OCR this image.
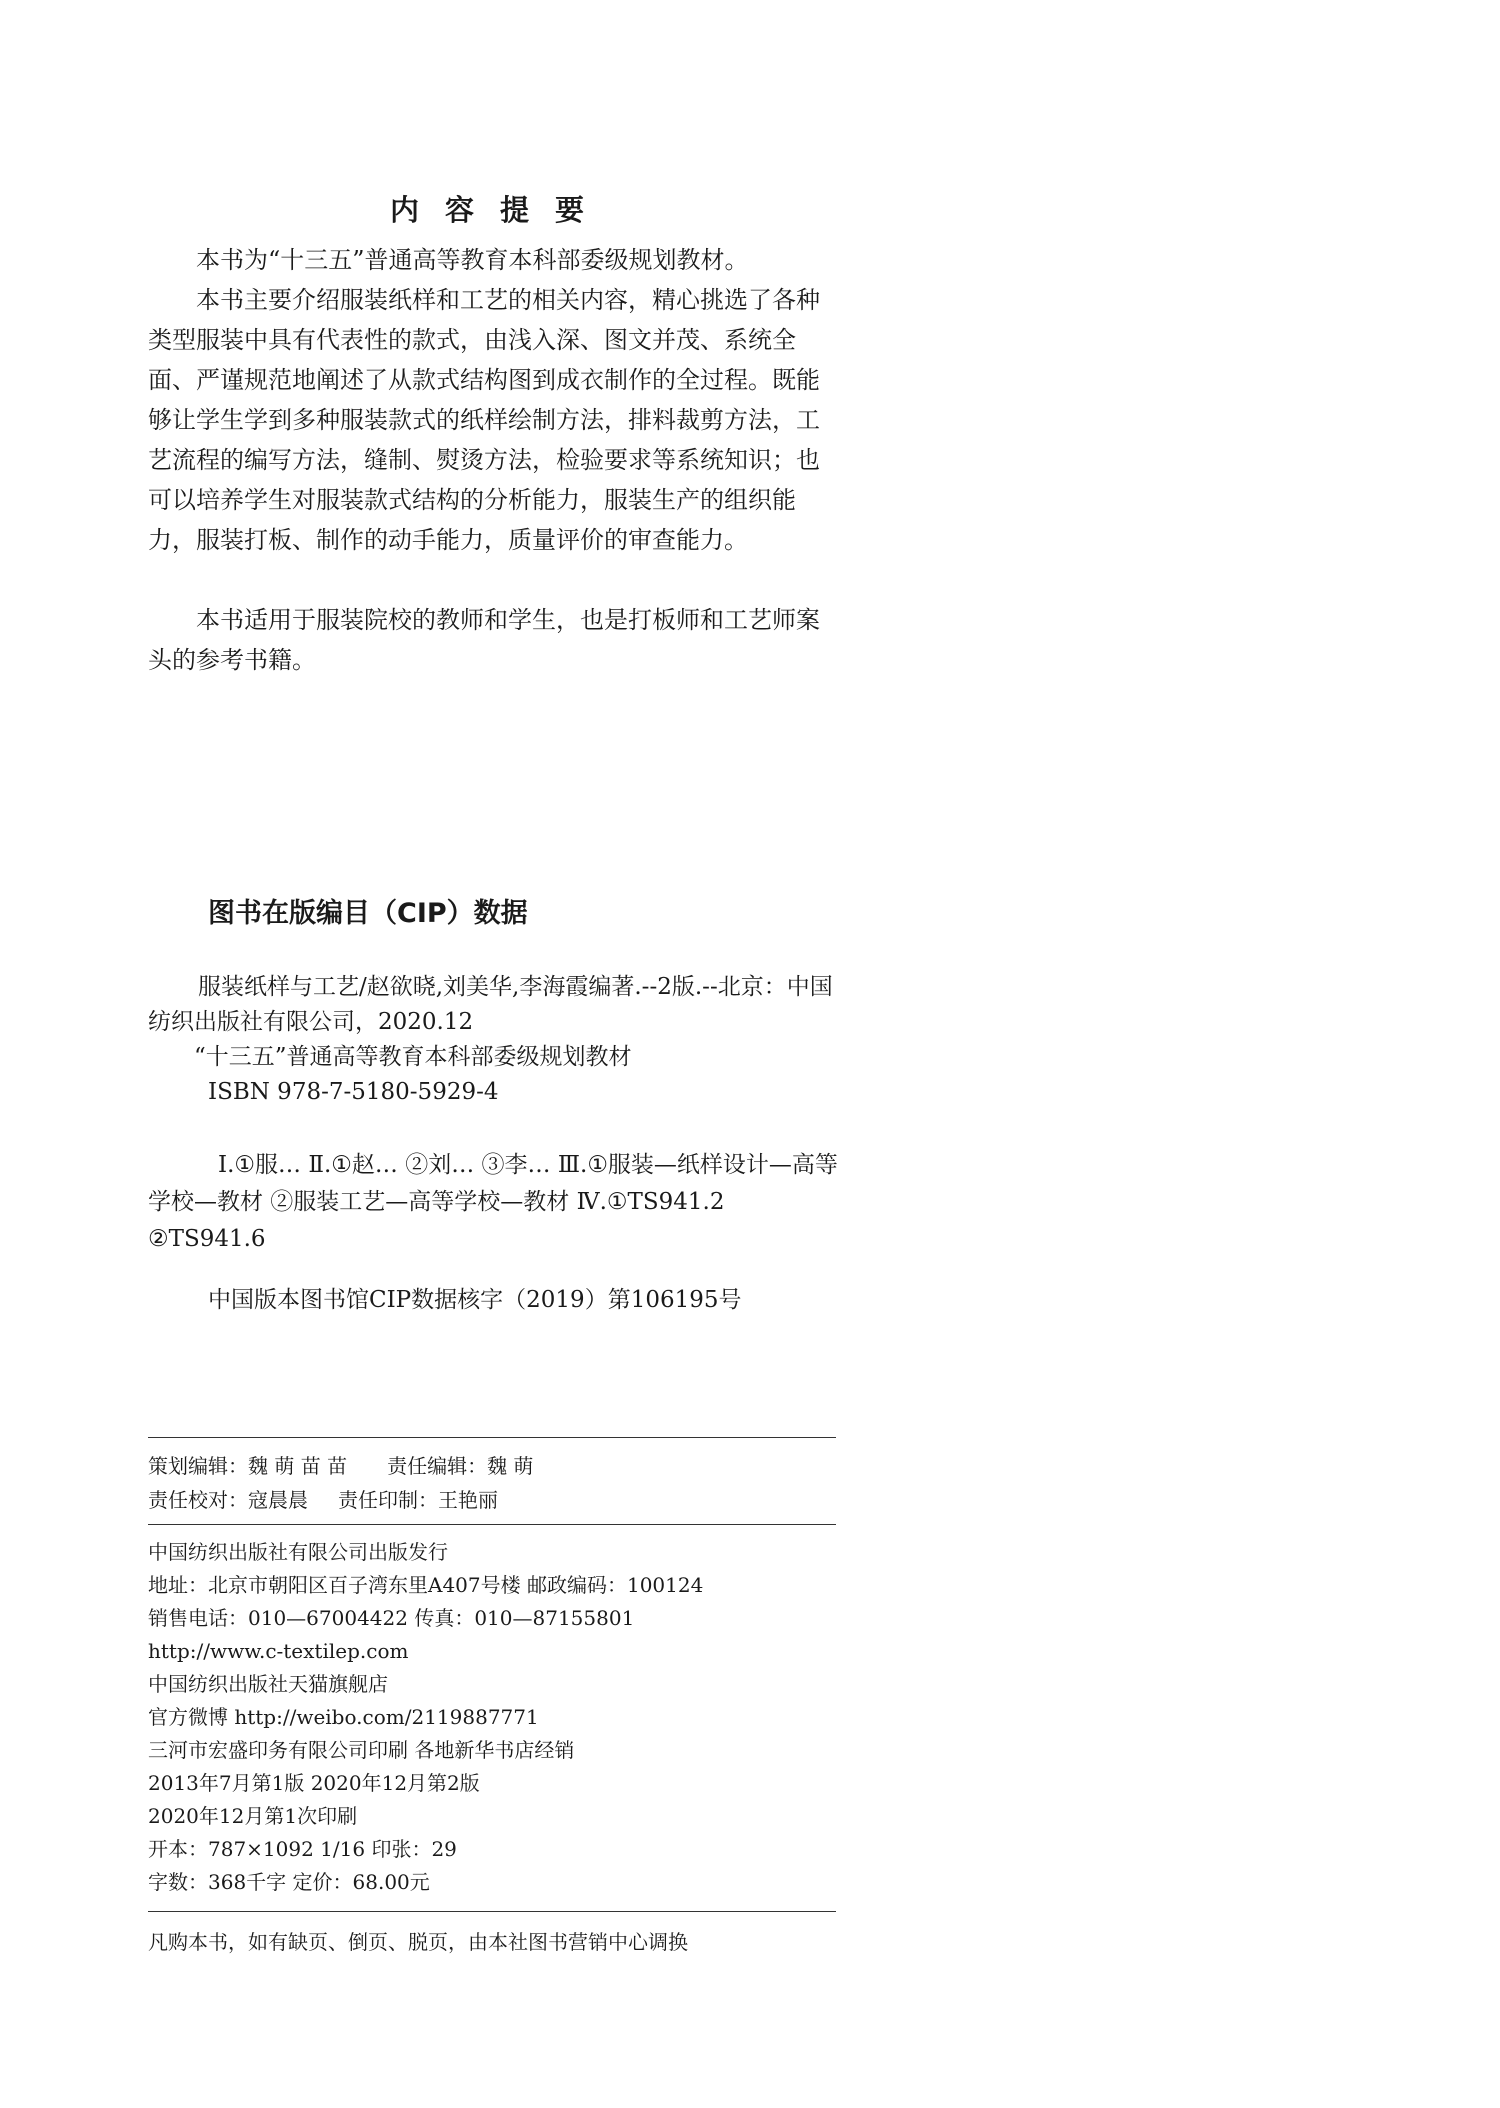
内容提要
本书为“十三五”普通高等教育本科部委级规划教材。
本书主要介绍服装纸样和工艺的相关内容，精心挑选了各种类型服装中具有代表性的款式，由浅入深、图文并茂、系统全面、严谨规范地阐述了从款式结构图到成衣制作的全过程。既能够让学生学到多种服装款式的纸样绘制方法，排料裁剪方法，工艺流程的编写方法，缝制、熨烫方法，检验要求等系统知识；也可以培养学生对服装款式结构的分析能力，服装生产的组织能力，服装打板、制作的动手能力，质量评价的审查能力。
本书适用于服装院校的教师和学生，也是打板师和工艺师案头的参考书籍。
图书在版编目（CIP）数据
服装纸样与工艺/赵欲晓,刘美华,李海霞编著.--2版.--北京：中国纺织出版社有限公司，2020.12
“十三五”普通高等教育本科部委级规划教材
ISBN 978-7-5180-5929-4
Ⅰ.①服… Ⅱ.①赵… ②刘… ③李… Ⅲ.①服装—纸样设计—高等学校—教材 ②服装工艺—高等学校—教材 Ⅳ.①TS941.2 ②TS941.6
中国版本图书馆CIP数据核字（2019）第106195号
策划编辑：魏 萌 苗 苗 责任编辑：魏 萌
责任校对：寇晨晨 责任印制：王艳丽
中国纺织出版社有限公司出版发行
地址：北京市朝阳区百子湾东里A407号楼 邮政编码：100124
销售电话：010—67004422 传真：010—87155801
http://www.c-textilep.com
中国纺织出版社天猫旗舰店
官方微博 http://weibo.com/2119887771
三河市宏盛印务有限公司印刷 各地新华书店经销
2013年7月第1版 2020年12月第2版
2020年12月第1次印刷
开本：787×1092 1/16 印张：29
字数：368千字 定价：68.00元
凡购本书，如有缺页、倒页、脱页，由本社图书营销中心调换
